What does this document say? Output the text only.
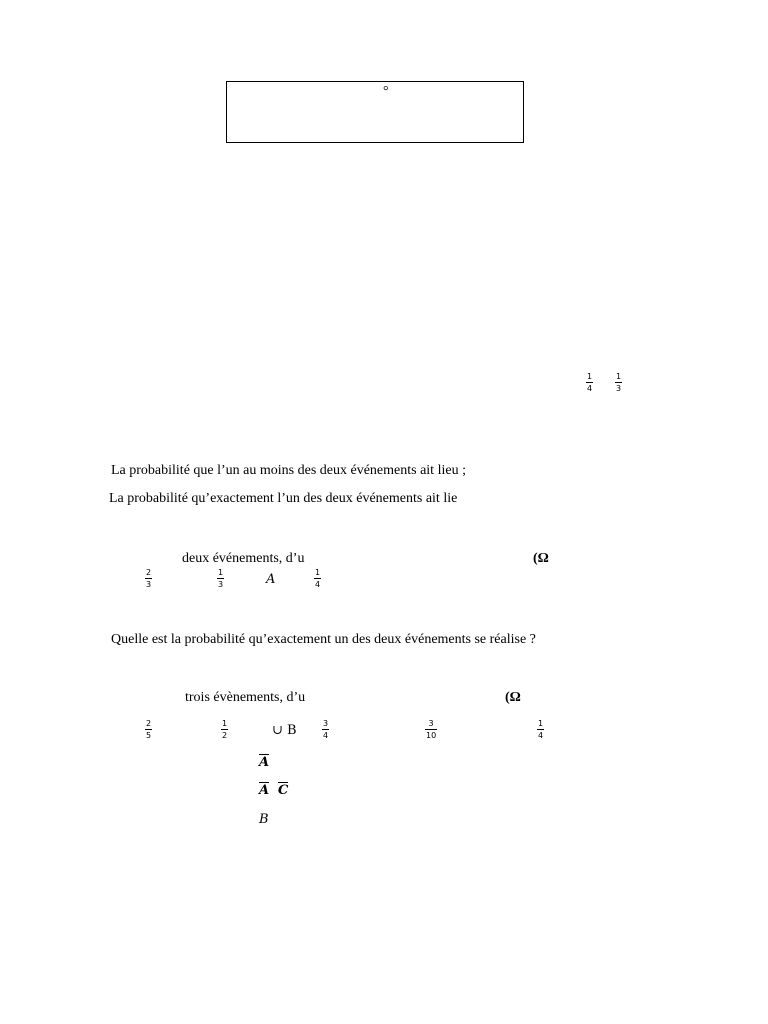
°
1
4
1
3
La probabilité que l’un au moins des deux événements ait lieu ;
La probabilité qu’exactement l’un des deux événements ait lie
deux événements, d’u	(Ω
2
3
1
3	A	1
4
Quelle est la probabilité qu’exactement un des deux événements se réalise ?
trois évènements, d’u	(Ω
2
5
1
2	∪ B	3
4
3
10
1
4
A
A C
B
